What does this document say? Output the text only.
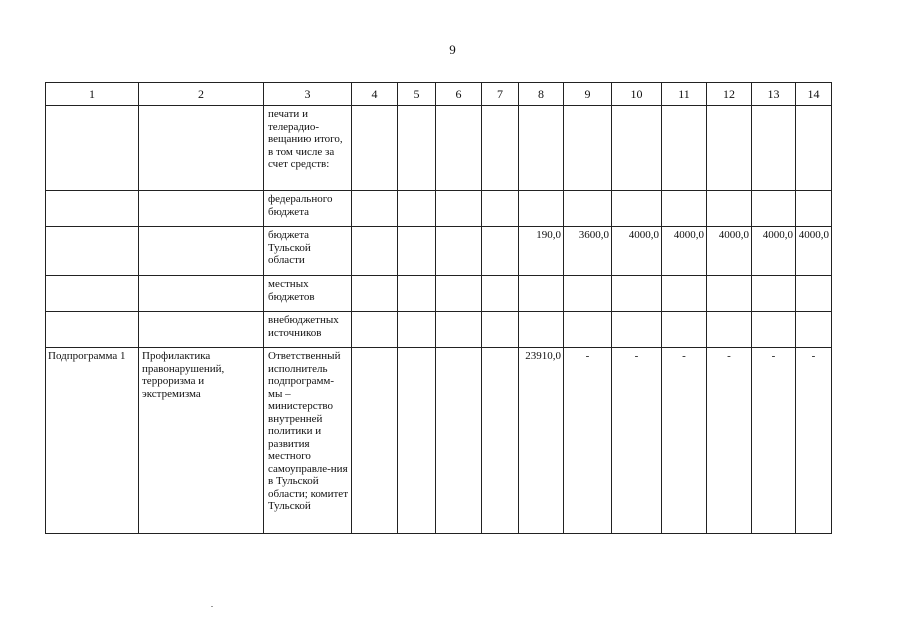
9
1	2	3	4	5	6	7	8	9	10	11	12	13	14
		печати и телерадио-вещанию итого, в том числе за счет средств:											
		федерального бюджета											
		бюджета Тульской области					190,0	3600,0	4000,0	4000,0	4000,0	4000,0	4000,0
		местных бюджетов											
		внебюджетных источников											
Подпрограмма 1	Профилактика правонарушений, терроризма и экстремизма	Ответственный исполнитель подпрограмм-мы – министерство внутренней политики и развития местного самоуправле-ния в Тульской области; комитет Тульской					23910,0	-	-	-	-	-	-
